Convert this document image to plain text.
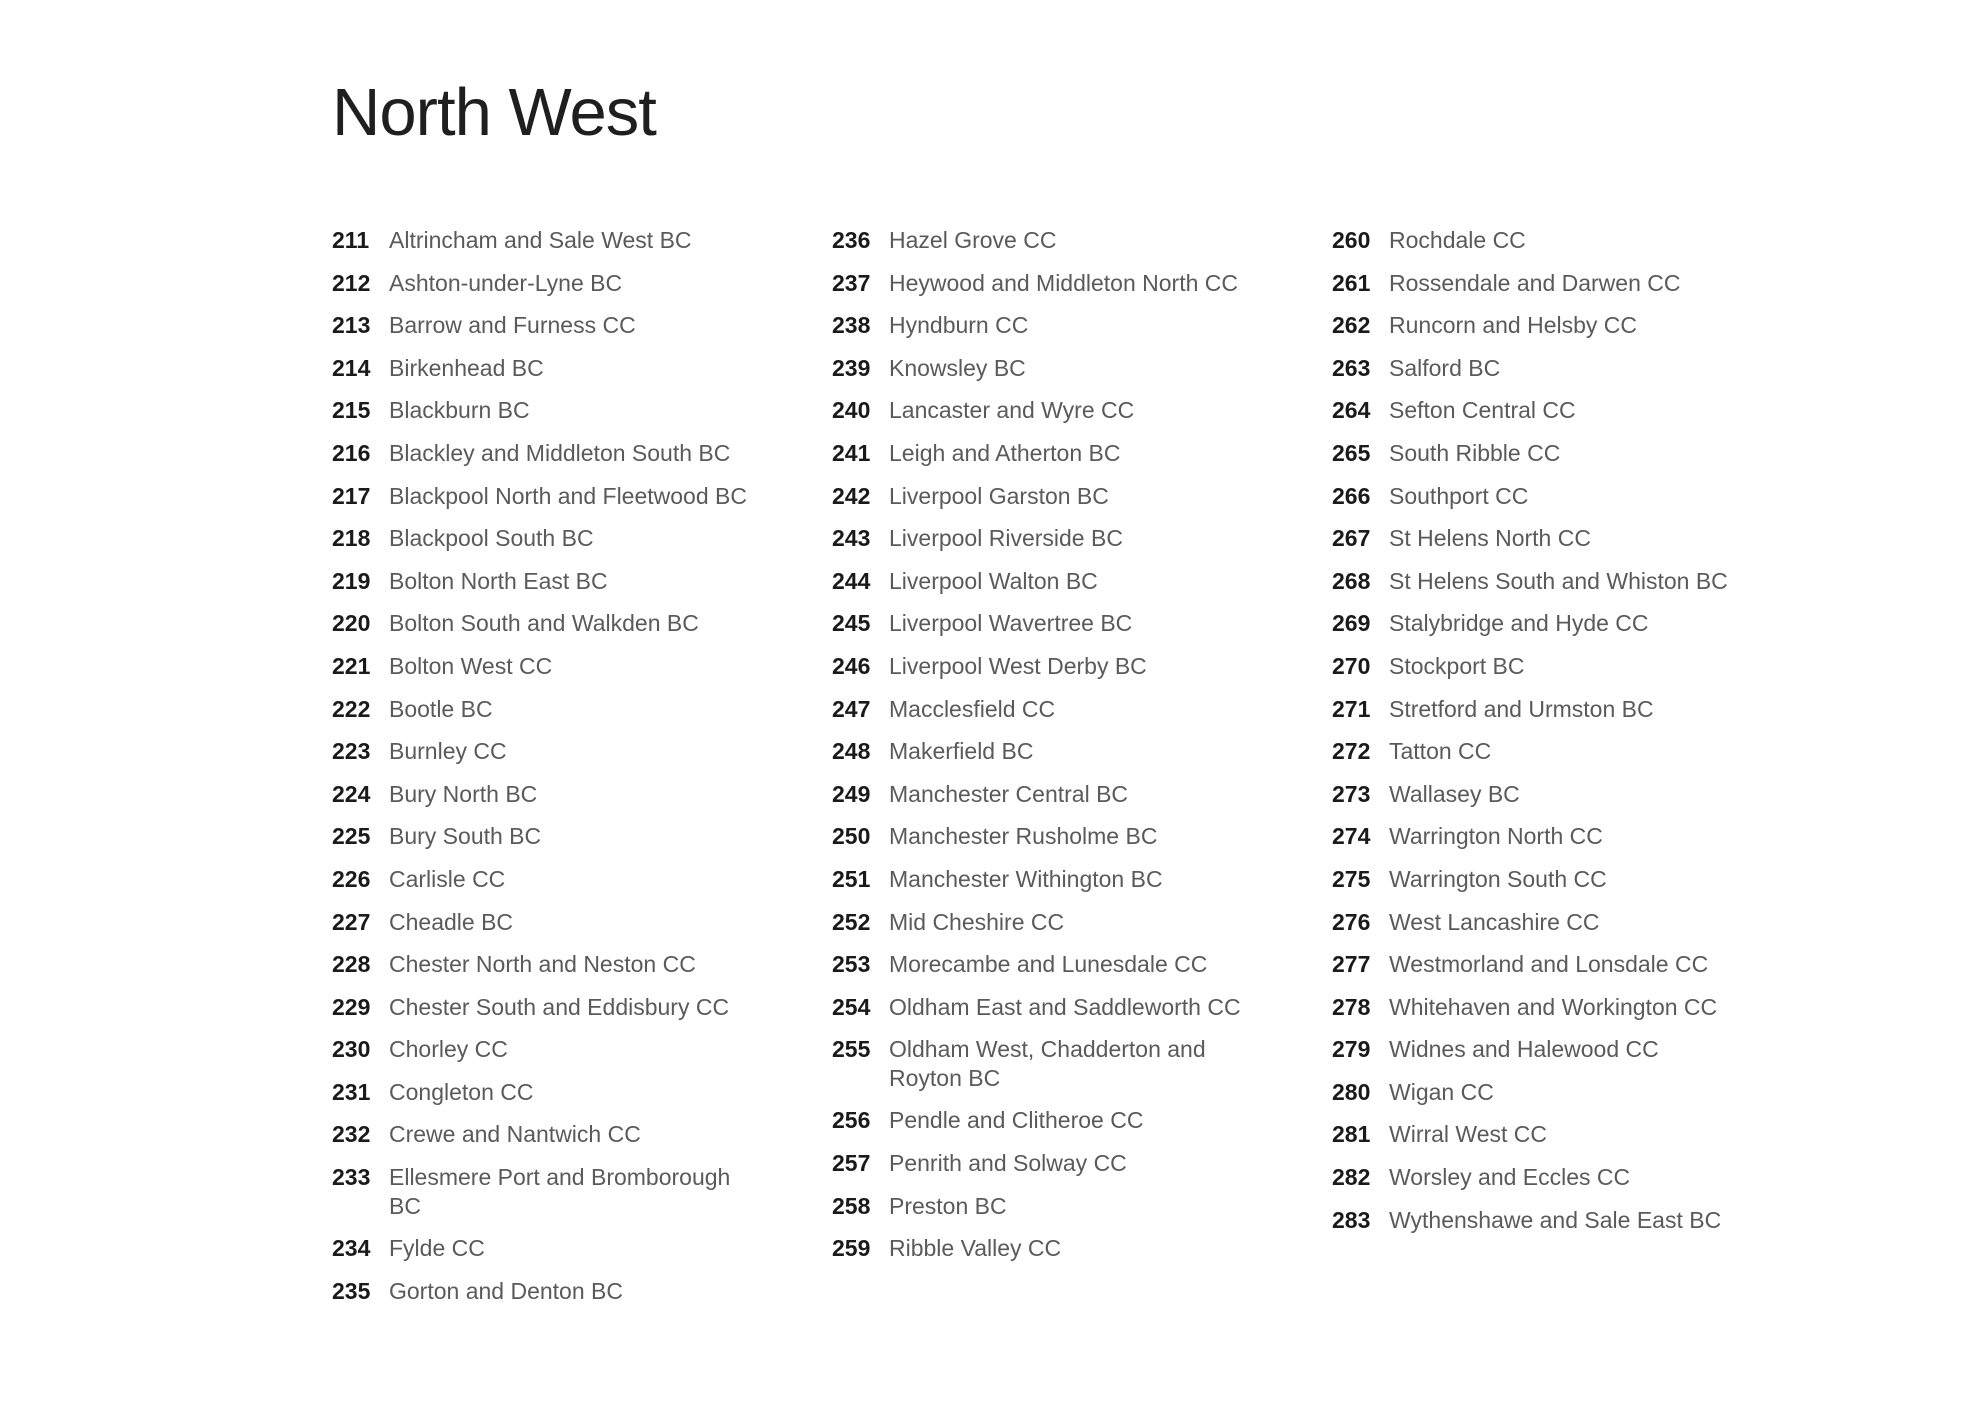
North West
211 Altrincham and Sale West BC
212 Ashton-under-Lyne BC
213 Barrow and Furness CC
214 Birkenhead BC
215 Blackburn BC
216 Blackley and Middleton South BC
217 Blackpool North and Fleetwood BC
218 Blackpool South BC
219 Bolton North East BC
220 Bolton South and Walkden BC
221 Bolton West CC
222 Bootle BC
223 Burnley CC
224 Bury North BC
225 Bury South BC
226 Carlisle CC
227 Cheadle BC
228 Chester North and Neston CC
229 Chester South and Eddisbury CC
230 Chorley CC
231 Congleton CC
232 Crewe and Nantwich CC
233 Ellesmere Port and Bromborough BC
234 Fylde CC
235 Gorton and Denton BC
236 Hazel Grove CC
237 Heywood and Middleton North CC
238 Hyndburn CC
239 Knowsley BC
240 Lancaster and Wyre CC
241 Leigh and Atherton BC
242 Liverpool Garston BC
243 Liverpool Riverside BC
244 Liverpool Walton BC
245 Liverpool Wavertree BC
246 Liverpool West Derby BC
247 Macclesfield CC
248 Makerfield BC
249 Manchester Central BC
250 Manchester Rusholme BC
251 Manchester Withington BC
252 Mid Cheshire CC
253 Morecambe and Lunesdale CC
254 Oldham East and Saddleworth CC
255 Oldham West, Chadderton and Royton BC
256 Pendle and Clitheroe CC
257 Penrith and Solway CC
258 Preston BC
259 Ribble Valley CC
260 Rochdale CC
261 Rossendale and Darwen CC
262 Runcorn and Helsby CC
263 Salford BC
264 Sefton Central CC
265 South Ribble CC
266 Southport CC
267 St Helens North CC
268 St Helens South and Whiston BC
269 Stalybridge and Hyde CC
270 Stockport BC
271 Stretford and Urmston BC
272 Tatton CC
273 Wallasey BC
274 Warrington North CC
275 Warrington South CC
276 West Lancashire CC
277 Westmorland and Lonsdale CC
278 Whitehaven and Workington CC
279 Widnes and Halewood CC
280 Wigan CC
281 Wirral West CC
282 Worsley and Eccles CC
283 Wythenshawe and Sale East BC
